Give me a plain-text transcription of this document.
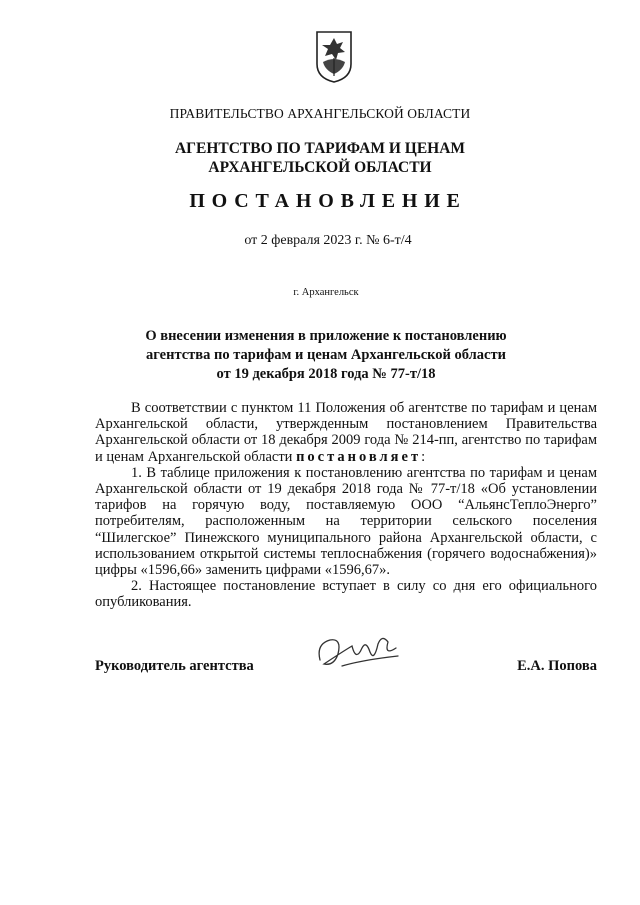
ПРАВИТЕЛЬСТВО АРХАНГЕЛЬСКОЙ ОБЛАСТИ
АГЕНТСТВО ПО ТАРИФАМ И ЦЕНАМ
АРХАНГЕЛЬСКОЙ ОБЛАСТИ
ПОСТАНОВЛЕНИЕ
от 2 февраля 2023 г. № 6-т/4
г. Архангельск
О внесении изменения в приложение к постановлению
агентства по тарифам и ценам Архангельской области
от 19 декабря 2018 года № 77-т/18

В соответствии с пунктом 11 Положения об агентстве по тарифам и ценам Архангельской области, утвержденным постановлением Правительства Архангельской области от 18 декабря 2009 года № 214-пп, агентство по тарифам и ценам Архангельской области постановляет:

1. В таблице приложения к постановлению агентства по тарифам и ценам Архангельской области от 19 декабря 2018 года № 77-т/18 «Об установлении тарифов на горячую воду, поставляемую ООО “АльянсТеплоЭнерго” потребителям, расположенным на территории сельского поселения “Шилегское” Пинежского муниципального района Архангельской области, с использованием открытой системы теплоснабжения (горячего водоснабжения)» цифры «1596,66» заменить цифрами «1596,67».

2. Настоящее постановление вступает в силу со дня его официального опубликования.

Руководитель агентства	Е.А. Попова
